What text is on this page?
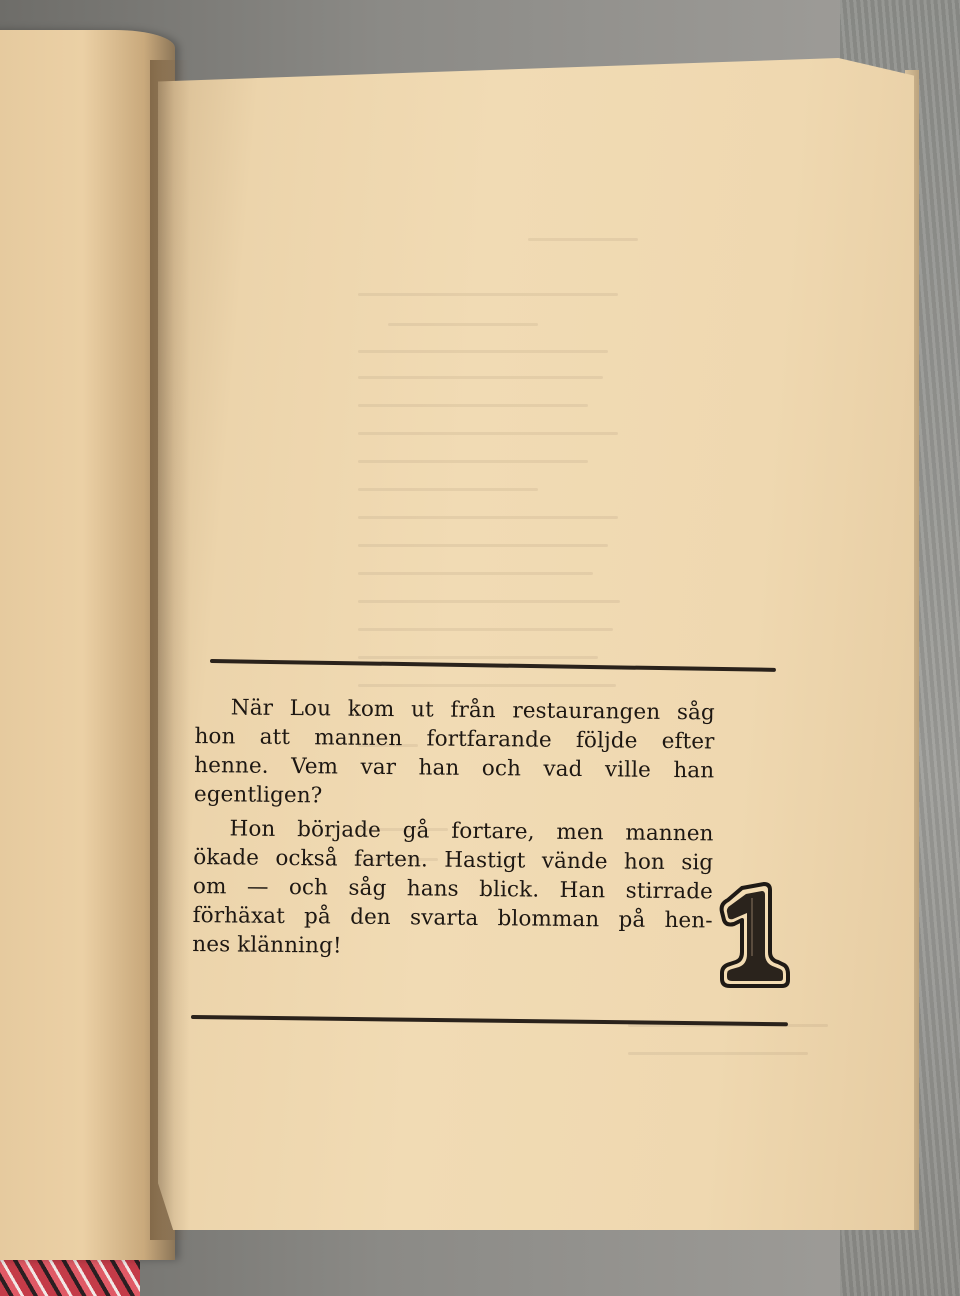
När Lou kom ut från restaurangen såg
hon att mannen fortfarande följde efter
henne. Vem var han och vad ville han
egentligen?
Hon började gå fortare, men mannen
ökade också farten. Hastigt vände hon sig
om — och såg hans blick. Han stirrade
förhäxat på den svarta blomman på hen-
nes klänning!
